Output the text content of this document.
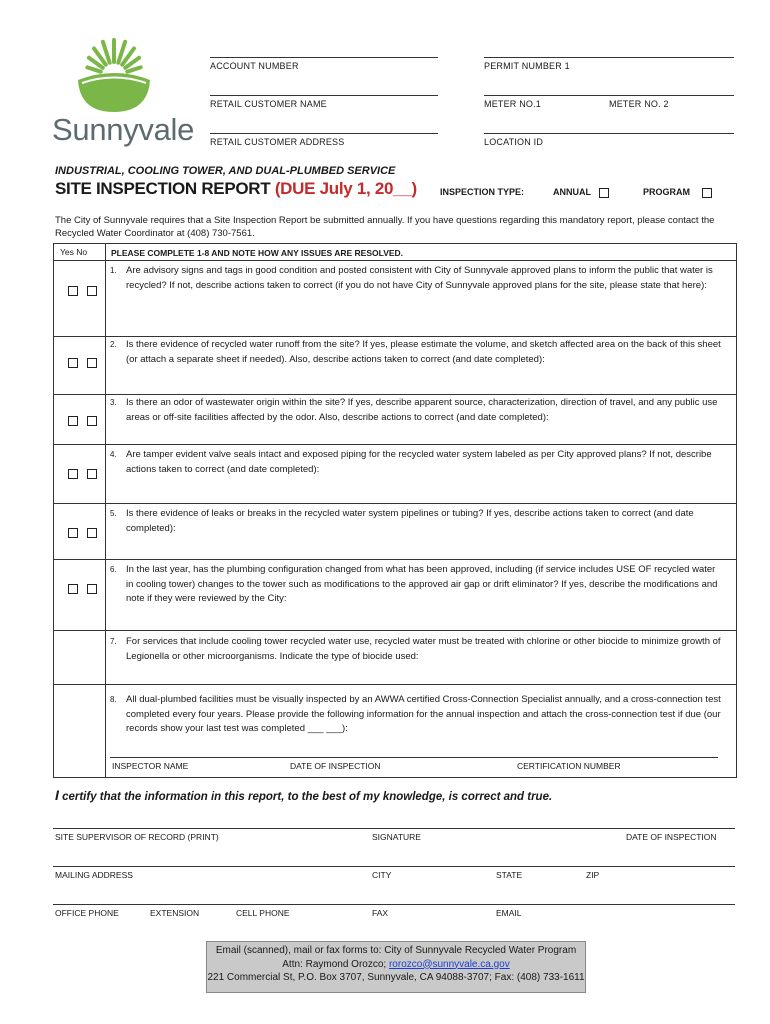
Sunnyvale
ACCOUNT NUMBER	PERMIT NUMBER 1
RETAIL CUSTOMER NAME	METER NO.1	METER NO. 2
RETAIL CUSTOMER ADDRESS	LOCATION ID
INDUSTRIAL, COOLING TOWER, AND DUAL-PLUMBED SERVICE
SITE INSPECTION REPORT (DUE July 1, 20__)	INSPECTION TYPE:	ANNUAL	PROGRAM
The City of Sunnyvale requires that a Site Inspection Report be submitted annually. If you have questions regarding this mandatory report, please contact the Recycled Water Coordinator at (408) 730-7561.
Yes No	PLEASE COMPLETE 1-8 AND NOTE HOW ANY ISSUES ARE RESOLVED.
1. Are advisory signs and tags in good condition and posted consistent with City of Sunnyvale approved plans to inform the public that water is recycled? If not, describe actions taken to correct (if you do not have City of Sunnyvale approved plans for the site, please state that here):
2. Is there evidence of recycled water runoff from the site? If yes, please estimate the volume, and sketch affected area on the back of this sheet (or attach a separate sheet if needed). Also, describe actions taken to correct (and date completed):
3. Is there an odor of wastewater origin within the site? If yes, describe apparent source, characterization, direction of travel, and any public use areas or off-site facilities affected by the odor. Also, describe actions to correct (and date completed):
4. Are tamper evident valve seals intact and exposed piping for the recycled water system labeled as per City approved plans? If not, describe actions taken to correct (and date completed):
5. Is there evidence of leaks or breaks in the recycled water system pipelines or tubing? If yes, describe actions taken to correct (and date completed):
6. In the last year, has the plumbing configuration changed from what has been approved, including (if service includes USE OF recycled water in cooling tower) changes to the tower such as modifications to the approved air gap or drift eliminator? If yes, describe the modifications and note if they were reviewed by the City:
7. For services that include cooling tower recycled water use, recycled water must be treated with chlorine or other biocide to minimize growth of Legionella or other microorganisms. Indicate the type of biocide used:
8. All dual-plumbed facilities must be visually inspected by an AWWA certified Cross-Connection Specialist annually, and a cross-connection test completed every four years. Please provide the following information for the annual inspection and attach the cross-connection test if due (our records show your last test was completed ___ ___):
INSPECTOR NAME	DATE OF INSPECTION	CERTIFICATION NUMBER
I certify that the information in this report, to the best of my knowledge, is correct and true.
SITE SUPERVISOR OF RECORD (PRINT)	SIGNATURE	DATE OF INSPECTION
MAILING ADDRESS	CITY	STATE	ZIP
OFFICE PHONE	EXTENSION	CELL PHONE	FAX	EMAIL
Email (scanned), mail or fax forms to: City of Sunnyvale Recycled Water Program
Attn: Raymond Orozco; rorozco@sunnyvale.ca.gov
221 Commercial St, P.O. Box 3707, Sunnyvale, CA 94088-3707; Fax: (408) 733-1611
